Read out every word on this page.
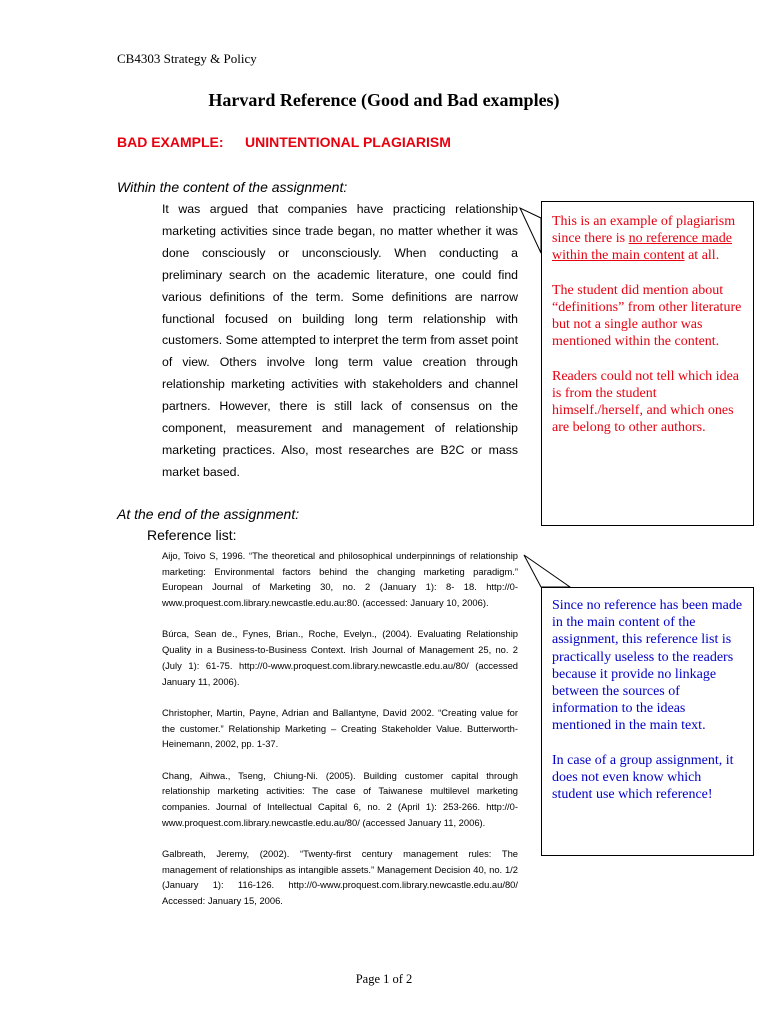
CB4303 Strategy & Policy
Harvard Reference (Good and Bad examples)
BAD EXAMPLE: UNINTENTIONAL PLAGIARISM
Within the content of the assignment:
It was argued that companies have practicing relationship marketing activities since trade began, no matter whether it was done consciously or unconsciously. When conducting a preliminary search on the academic literature, one could find various definitions of the term. Some definitions are narrow functional focused on building long term relationship with customers. Some attempted to interpret the term from asset point of view. Others involve long term value creation through relationship marketing activities with stakeholders and channel partners. However, there is still lack of consensus on the component, measurement and management of relationship marketing practices. Also, most researches are B2C or mass market based.
At the end of the assignment:
Reference list:

Aijo, Toivo S, 1996. “The theoretical and philosophical underpinnings of relationship marketing: Environmental factors behind the changing marketing paradigm.” European Journal of Marketing 30, no. 2 (January 1): 8- 18. http://0-www.proquest.com.library.newcastle.edu.au:80. (accessed: January 10, 2006).

Búrca, Sean de., Fynes, Brian., Roche, Evelyn., (2004). Evaluating Relationship Quality in a Business-to-Business Context. Irish Journal of Management 25, no. 2 (July 1): 61-75. http://0-www.proquest.com.library.newcastle.edu.au/80/ (accessed January 11, 2006).

Christopher, Martin, Payne, Adrian and Ballantyne, David 2002. “Creating value for the customer.” Relationship Marketing – Creating Stakeholder Value. Butterworth-Heinemann, 2002, pp. 1-37.

Chang, Aihwa., Tseng, Chiung-Ni. (2005). Building customer capital through relationship marketing activities: The case of Taiwanese multilevel marketing companies. Journal of Intellectual Capital 6, no. 2 (April 1): 253-266. http://0-www.proquest.com.library.newcastle.edu.au/80/ (accessed January 11, 2006).

Galbreath, Jeremy, (2002). “Twenty-first century management rules: The management of relationships as intangible assets.” Management Decision 40, no. 1/2 (January 1): 116-126. http://0-www.proquest.com.library.newcastle.edu.au/80/ Accessed: January 15, 2006.

This is an example of plagiarism since there is no reference made within the main content at all.

The student did mention about “definitions” from other literature but not a single author was mentioned within the content.

Readers could not tell which idea is from the student himself./herself, and which ones are belong to other authors.

Since no reference has been made in the main content of the assignment, this reference list is practically useless to the readers because it provide no linkage between the sources of information to the ideas mentioned in the main text.

In case of a group assignment, it does not even know which student use which reference!

Page 1 of 2
